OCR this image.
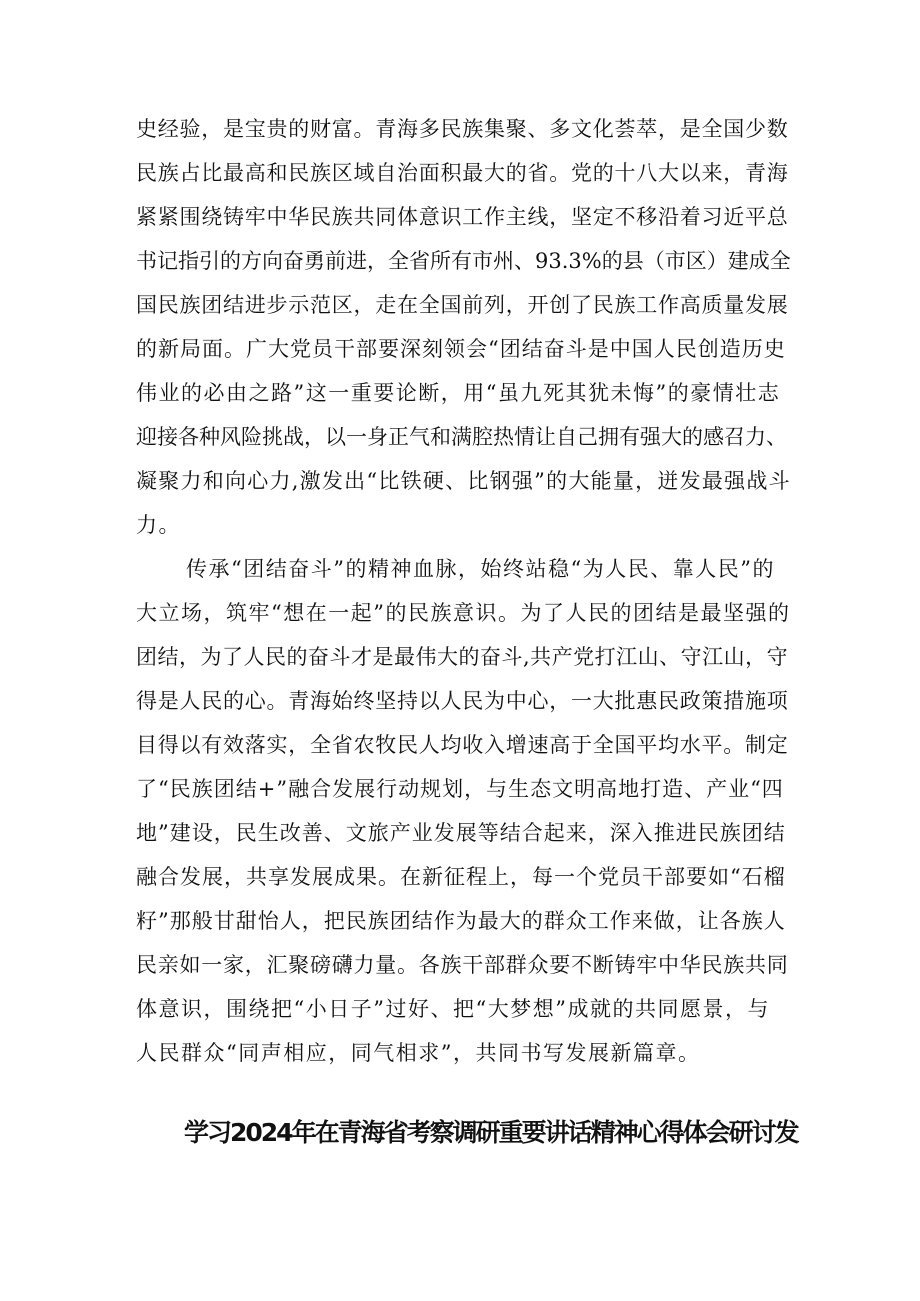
史经验，是宝贵的财富。青海多民族集聚、多文化荟萃，是全国少数
民族占比最高和民族区域自治面积最大的省。党的十八大以来，青海
紧紧围绕铸牢中华民族共同体意识工作主线，坚定不移沿着习近平总
书记指引的方向奋勇前进，全省所有市州、93.3%的县（市区）建成全
国民族团结进步示范区，走在全国前列，开创了民族工作高质量发展
的新局面。广大党员干部要深刻领会“团结奋斗是中国人民创造历史
伟业的必由之路”这一重要论断，用“虽九死其犹未悔”的豪情壮志
迎接各种风险挑战，以一身正气和满腔热情让自己拥有强大的感召力、
凝聚力和向心力,激发出“比铁硬、比钢强”的大能量，迸发最强战斗
力。
传承“团结奋斗”的精神血脉，始终站稳“为人民、靠人民”的
大立场，筑牢“想在一起”的民族意识。为了人民的团结是最坚强的
团结，为了人民的奋斗才是最伟大的奋斗,共产党打江山、守江山，守
得是人民的心。青海始终坚持以人民为中心，一大批惠民政策措施项
目得以有效落实，全省农牧民人均收入增速高于全国平均水平。制定
了“民族团结+”融合发展行动规划，与生态文明高地打造、产业“四
地”建设，民生改善、文旅产业发展等结合起来，深入推进民族团结
融合发展，共享发展成果。在新征程上，每一个党员干部要如“石榴
籽”那般甘甜怡人，把民族团结作为最大的群众工作来做，让各族人
民亲如一家，汇聚磅礴力量。各族干部群众要不断铸牢中华民族共同
体意识，围绕把“小日子”过好、把“大梦想”成就的共同愿景，与
人民群众“同声相应，同气相求”，共同书写发展新篇章。
学习2024年在青海省考察调研重要讲话精神心得体会研讨发
